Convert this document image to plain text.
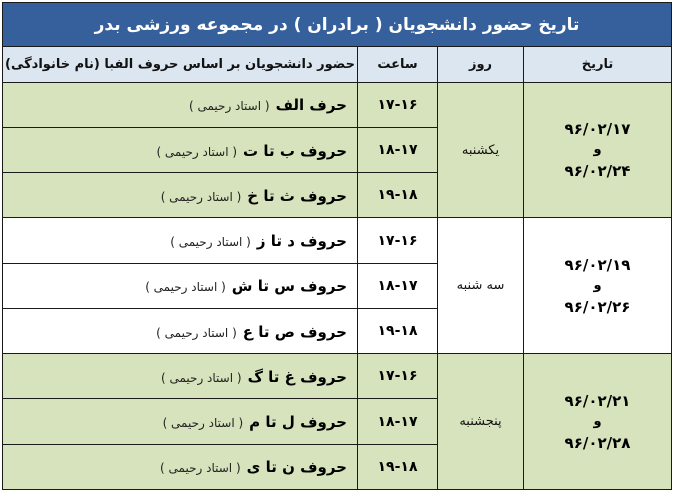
تاریخ حضور دانشجویان ( برادران ) در مجموعه ورزشی بدر			
تاریخ	روز	ساعت	حضور دانشجویان بر اساس حروف الفبا (نام خانوادگی)

۹۶/۰۲/۱۷
و
۹۶/۰۲/۲۴	یکشنبه	۱۷-۱۶	حرف الف( استاد رحیمی )
		۱۸-۱۷	حروف ب تا ت( استاد رحیمی )
		۱۹-۱۸	حروف ث تا خ( استاد رحیمی )

۹۶/۰۲/۱۹
و
۹۶/۰۲/۲۶	سه شنبه	۱۷-۱۶	حروف د تا ز( استاد رحیمی )
		۱۸-۱۷	حروف س تا ش( استاد رحیمی )
		۱۹-۱۸	حروف ص تا ع( استاد رحیمی )

۹۶/۰۲/۲۱
و
۹۶/۰۲/۲۸	پنجشنبه	۱۷-۱۶	حروف غ تا گ( استاد رحیمی )
		۱۸-۱۷	حروف ل تا م( استاد رحیمی )
		۱۹-۱۸	حروف ن تا ی( استاد رحیمی )
